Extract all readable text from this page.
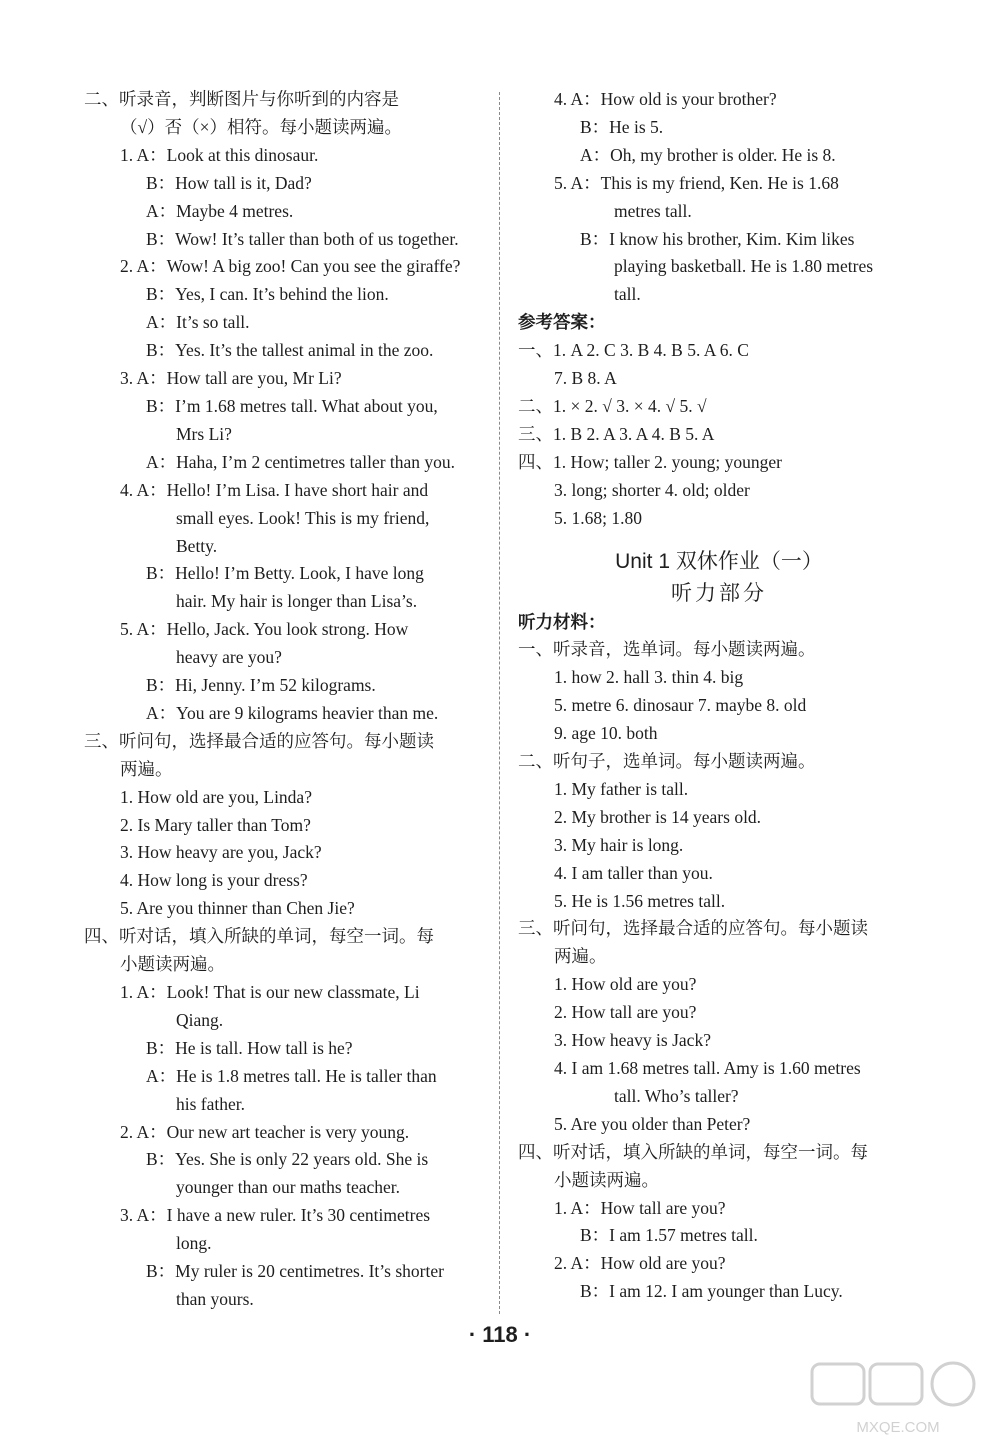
二、听录音，判断图片与你听到的内容是
（√）否（×）相符。每小题读两遍。
1. A：Look at this dinosaur.
B：How tall is it, Dad?
A：Maybe 4 metres.
B：Wow! It’s taller than both of us together.
2. A：Wow! A big zoo! Can you see the giraffe?
B：Yes, I can. It’s behind the lion.
A：It’s so tall.
B：Yes. It’s the tallest animal in the zoo.
3. A：How tall are you, Mr Li?
B：I’m 1.68 metres tall. What about you,
Mrs Li?
A：Haha, I’m 2 centimetres taller than you.
4. A：Hello! I’m Lisa. I have short hair and
small eyes. Look! This is my friend,
Betty.
B：Hello! I’m Betty. Look, I have long
hair. My hair is longer than Lisa’s.
5. A：Hello, Jack. You look strong. How
heavy are you?
B：Hi, Jenny. I’m 52 kilograms.
A：You are 9 kilograms heavier than me.
三、听问句，选择最合适的应答句。每小题读
两遍。
1. How old are you, Linda?
2. Is Mary taller than Tom?
3. How heavy are you, Jack?
4. How long is your dress?
5. Are you thinner than Chen Jie?
四、听对话，填入所缺的单词，每空一词。每
小题读两遍。
1. A：Look! That is our new classmate, Li
Qiang.
B：He is tall. How tall is he?
A：He is 1.8 metres tall. He is taller than
his father.
2. A：Our new art teacher is very young.
B：Yes. She is only 22 years old. She is
younger than our maths teacher.
3. A：I have a new ruler. It’s 30 centimetres
long.
B：My ruler is 20 centimetres. It’s shorter
than yours.
4. A：How old is your brother?
B：He is 5.
A：Oh, my brother is older. He is 8.
5. A：This is my friend, Ken. He is 1.68
metres tall.
B：I know his brother, Kim. Kim likes
playing basketball. He is 1.80 metres
tall.
参考答案：
一、1. A 2. C 3. B 4. B 5. A 6. C
7. B 8. A
二、1. × 2. √ 3. × 4. √ 5. √
三、1. B 2. A 3. A 4. B 5. A
四、1. How; taller 2. young; younger
3. long; shorter 4. old; older
5. 1.68; 1.80
Unit 1 双休作业（一）
听力部分
听力材料：
一、听录音，选单词。每小题读两遍。
1. how 2. hall 3. thin 4. big
5. metre 6. dinosaur 7. maybe 8. old
9. age 10. both
二、听句子，选单词。每小题读两遍。
1. My father is tall.
2. My brother is 14 years old.
3. My hair is long.
4. I am taller than you.
5. He is 1.56 metres tall.
三、听问句，选择最合适的应答句。每小题读
两遍。
1. How old are you?
2. How tall are you?
3. How heavy is Jack?
4. I am 1.68 metres tall. Amy is 1.60 metres
tall. Who’s taller?
5. Are you older than Peter?
四、听对话，填入所缺的单词，每空一词。每
小题读两遍。
1. A：How tall are you?
B：I am 1.57 metres tall.
2. A：How old are you?
B：I am 12. I am younger than Lucy.
· 118 ·
MXQE.COM
